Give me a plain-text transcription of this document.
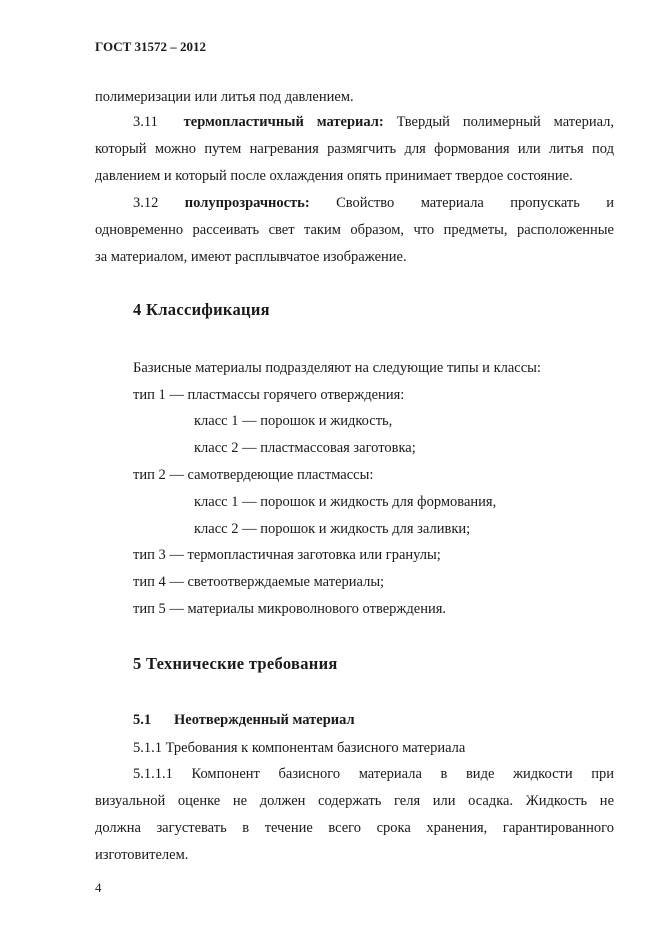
ГОСТ 31572 – 2012
полимеризации или литья под давлением.
3.11 термопластичный материал: Твердый полимерный материал,
который можно путем нагревания размягчить для формования или литья под
давлением и который после охлаждения опять принимает твердое состояние.
3.12 полупрозрачность: Свойство материала пропускать и
одновременно рассеивать свет таким образом, что предметы, расположенные
за материалом, имеют расплывчатое изображение.
4 Классификация
Базисные материалы подразделяют на следующие типы и классы:
тип 1 — пластмассы горячего отверждения:
класс 1 — порошок и жидкость,
класс 2 — пластмассовая заготовка;
тип 2 — самотвердеющие пластмассы:
класс 1 — порошок и жидкость для формования,
класс 2 — порошок и жидкость для заливки;
тип 3 — термопластичная заготовка или гранулы;
тип 4 — светоотверждаемые материалы;
тип 5 — материалы микроволнового отверждения.
5 Технические требования
5.1 Неотвержденный материал
5.1.1 Требования к компонентам базисного материала
5.1.1.1 Компонент базисного материала в виде жидкости при
визуальной оценке не должен содержать геля или осадка. Жидкость не
должна загустевать в течение всего срока хранения, гарантированного
изготовителем.
4
